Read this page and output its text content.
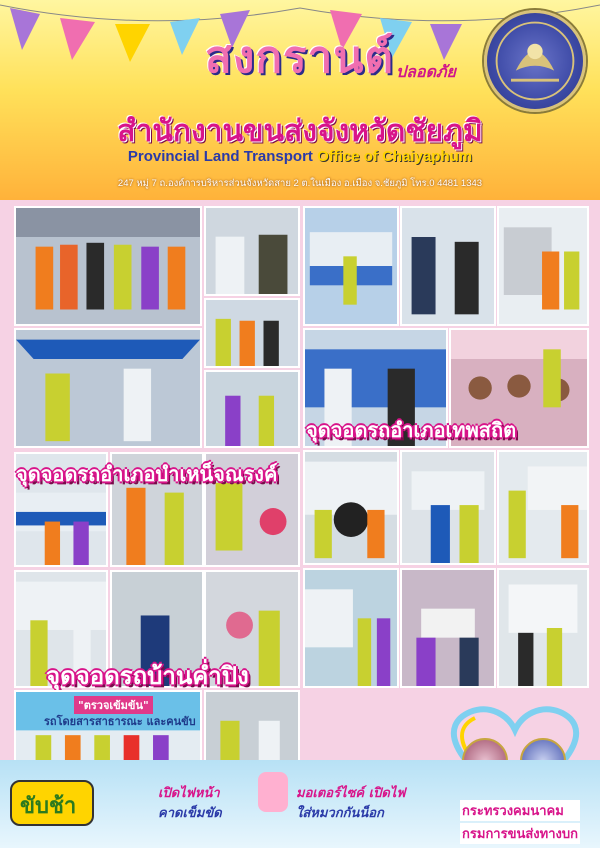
สงกรานต์ ปลอดภัย
สำนักงานขนส่งจังหวัดชัยภูมิ
Provincial Land Transport Office of Chaiyaphum
247 หมู่ 7 ถ.องค์การบริหารส่วนจังหวัดสาย 2 ต.ในเมือง อ.เมือง จ.ชัยภูมิ โทร.0 4481 1343
จุดจอดรถอำเภอเทพสถิต
จุดจอดรถอำเภอบำเหน็จณรงค์
จุดจอดรถบ้านค่ำปิง
"ตรวจเข้มข้น"
รถโดยสารสาธารณะ และคนขับ
ขับช้า
เปิดไฟหน้า
คาดเข็มขัด
มอเตอร์ไซค์ เปิดไฟ
ใส่หมวกกันน็อก	กระทรวงคมนาคม
กรมการขนส่งทางบก
